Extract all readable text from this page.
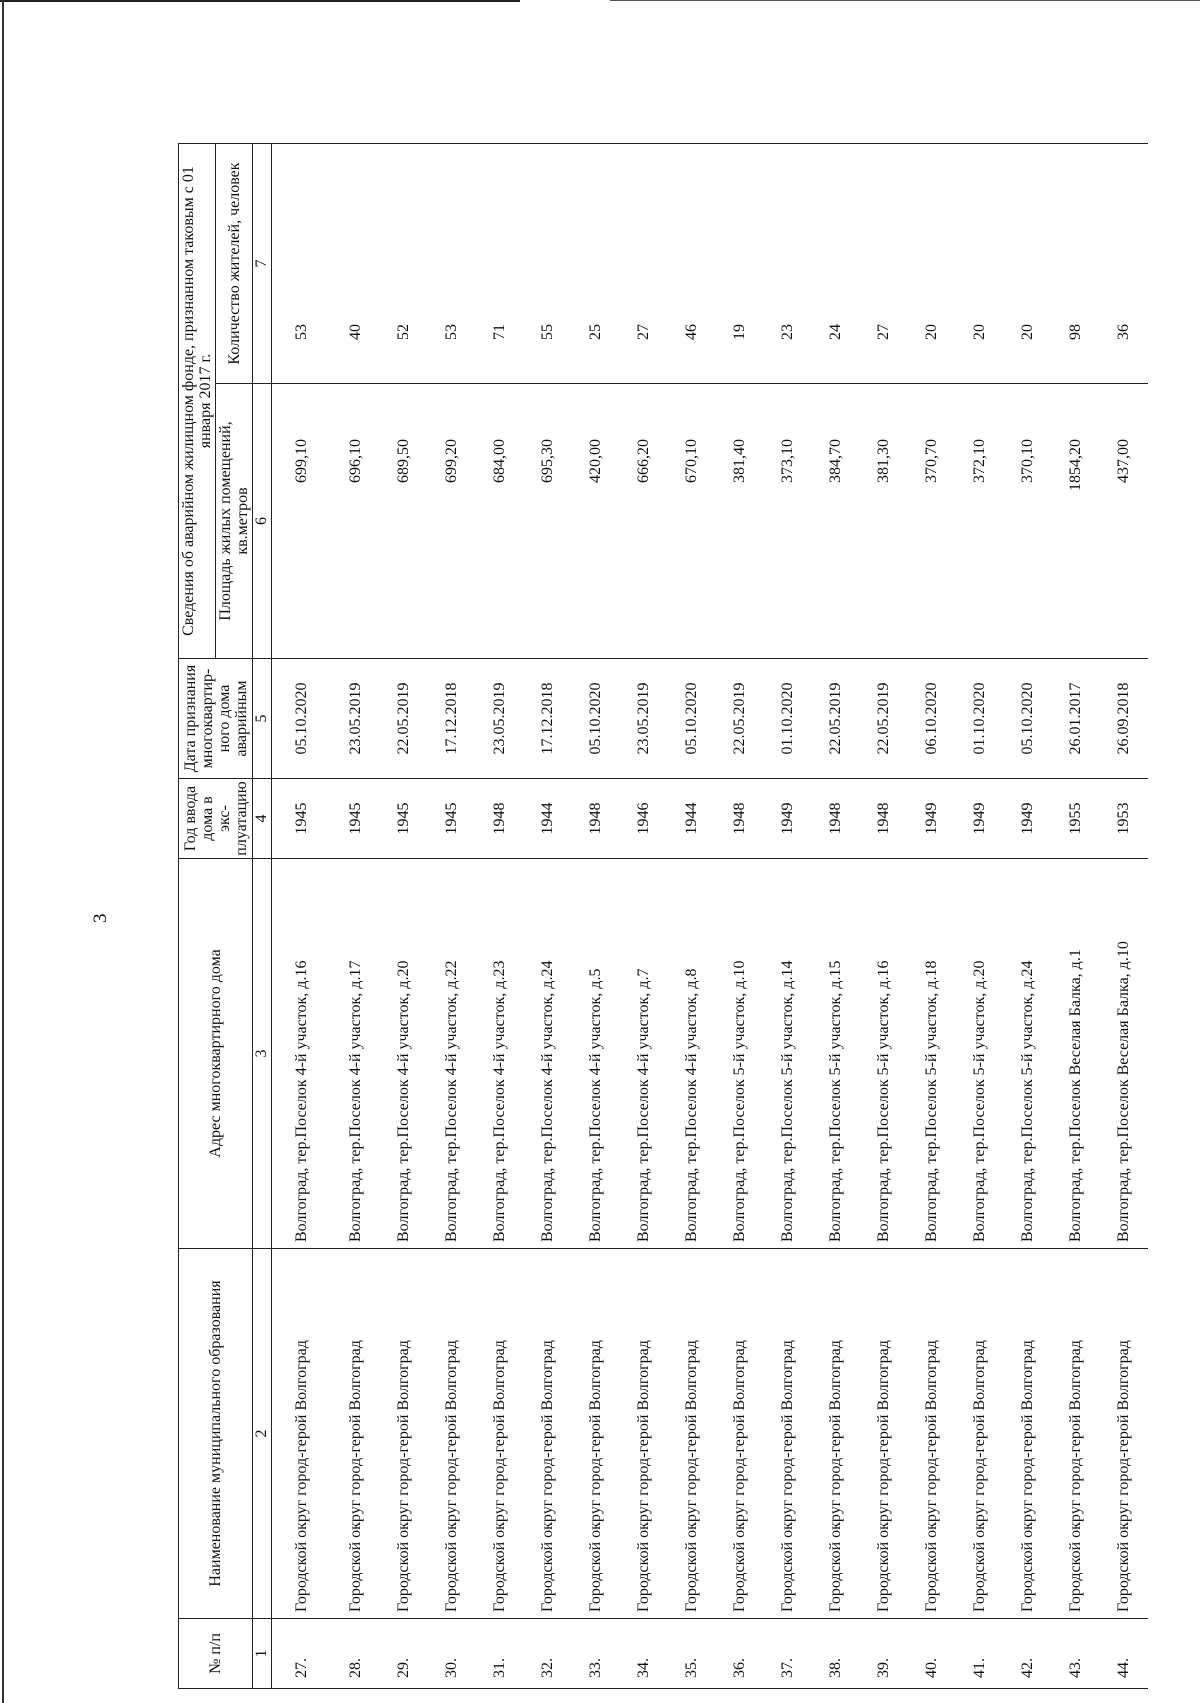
3
№ п/п	Наименование муниципального образования	Адрес многоквартирного дома	Год ввода дома в экс-плуатацию	Дата признания многоквартир-ного дома аварийным	Сведения об аварийном жилищном фонде, признанном таковым с 01 января 2017 г.	
					Площадь жилых помещений, кв.метров	Количество жителей, человек
1	2	3	4	5	6	7
27.	Городской округ город-герой Волгоград	Волгоград, тер.Поселок 4-й участок, д.16	1945	05.10.2020	699,10	53
28.	Городской округ город-герой Волгоград	Волгоград, тер.Поселок 4-й участок, д.17	1945	23.05.2019	696,10	40
29.	Городской округ город-герой Волгоград	Волгоград, тер.Поселок 4-й участок, д.20	1945	22.05.2019	689,50	52
30.	Городской округ город-герой Волгоград	Волгоград, тер.Поселок 4-й участок, д.22	1945	17.12.2018	699,20	53
31.	Городской округ город-герой Волгоград	Волгоград, тер.Поселок 4-й участок, д.23	1948	23.05.2019	684,00	71
32.	Городской округ город-герой Волгоград	Волгоград, тер.Поселок 4-й участок, д.24	1944	17.12.2018	695,30	55
33.	Городской округ город-герой Волгоград	Волгоград, тер.Поселок 4-й участок, д.5	1948	05.10.2020	420,00	25
34.	Городской округ город-герой Волгоград	Волгоград, тер.Поселок 4-й участок, д.7	1946	23.05.2019	666,20	27
35.	Городской округ город-герой Волгоград	Волгоград, тер.Поселок 4-й участок, д.8	1944	05.10.2020	670,10	46
36.	Городской округ город-герой Волгоград	Волгоград, тер.Поселок 5-й участок, д.10	1948	22.05.2019	381,40	19
37.	Городской округ город-герой Волгоград	Волгоград, тер.Поселок 5-й участок, д.14	1949	01.10.2020	373,10	23
38.	Городской округ город-герой Волгоград	Волгоград, тер.Поселок 5-й участок, д.15	1948	22.05.2019	384,70	24
39.	Городской округ город-герой Волгоград	Волгоград, тер.Поселок 5-й участок, д.16	1948	22.05.2019	381,30	27
40.	Городской округ город-герой Волгоград	Волгоград, тер.Поселок 5-й участок, д.18	1949	06.10.2020	370,70	20
41.	Городской округ город-герой Волгоград	Волгоград, тер.Поселок 5-й участок, д.20	1949	01.10.2020	372,10	20
42.	Городской округ город-герой Волгоград	Волгоград, тер.Поселок 5-й участок, д.24	1949	05.10.2020	370,10	20
43.	Городской округ город-герой Волгоград	Волгоград, тер.Поселок Веселая Балка, д.1	1955	26.01.2017	1854,20	98
44.	Городской округ город-герой Волгоград	Волгоград, тер.Поселок Веселая Балка, д.10	1953	26.09.2018	437,00	36
